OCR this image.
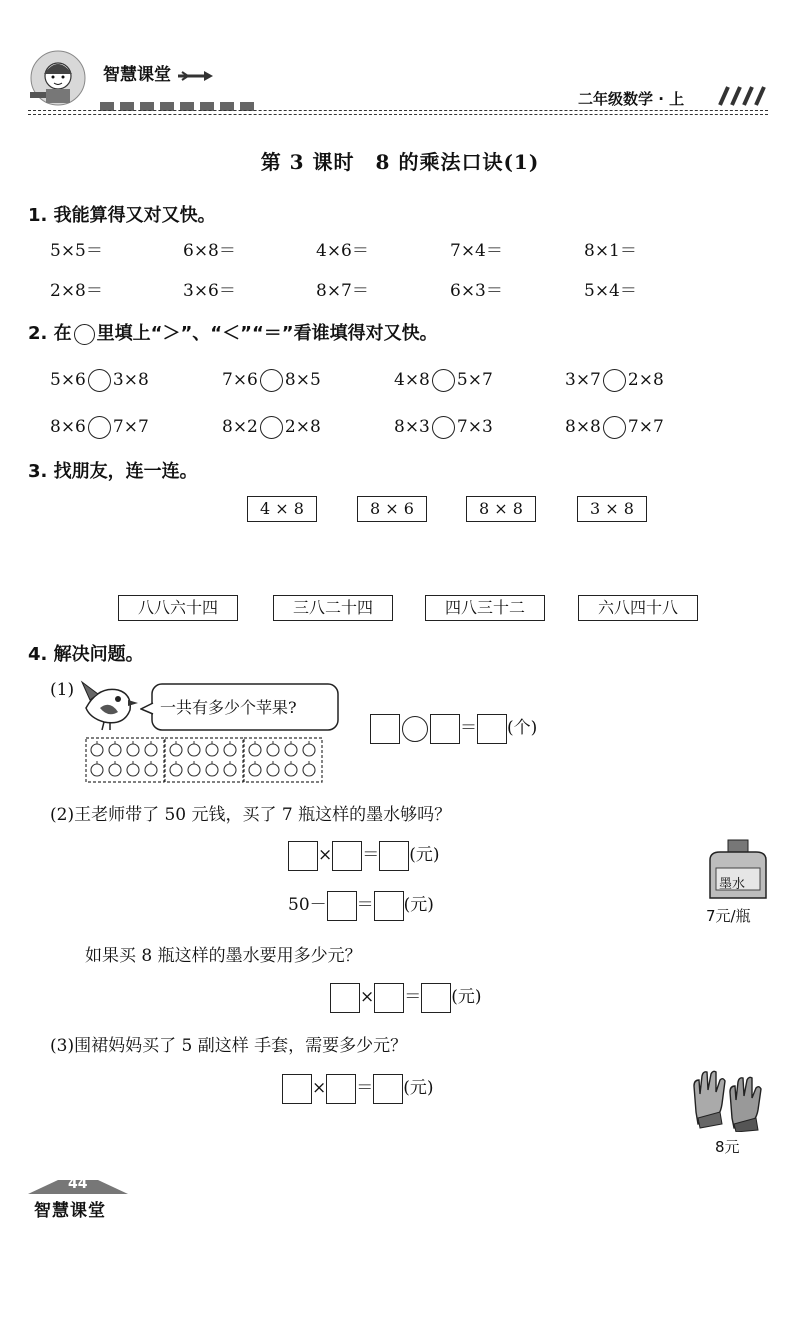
智慧课堂
二年级数学 · 上
第 3 课时　8 的乘法口诀(1)
1. 我能算得又对又快。
5×5＝	6×8＝	4×6＝	7×4＝	8×1＝
2×8＝	3×6＝	8×7＝	6×3＝	5×4＝
2. 在 里填上“＞”、“＜”“＝”看谁填得对又快。
5×6 3×8	7×6 8×5	4×8 5×7	3×7 2×8
8×6 7×7	8×2 2×8	8×3 7×3	8×8 7×7
3. 找朋友，连一连。
4 × 8	8 × 6	8 × 8	3 × 8
八八六十四	三八二十四	四八三十二	六八四十八
4. 解决问题。
(1)
一共有多少个苹果?
＝ (个)
(2)王老师带了 50 元钱，买了 7 瓶这样的墨水够吗？
× ＝ (元)
50－ ＝ (元)
墨水
7元/瓶
如果买 8 瓶这样的墨水要用多少元？
× ＝ (元)
(3)围裙妈妈买了 5 副这样 手套，需要多少元？
× ＝ (元)
8元
44
智慧课堂
